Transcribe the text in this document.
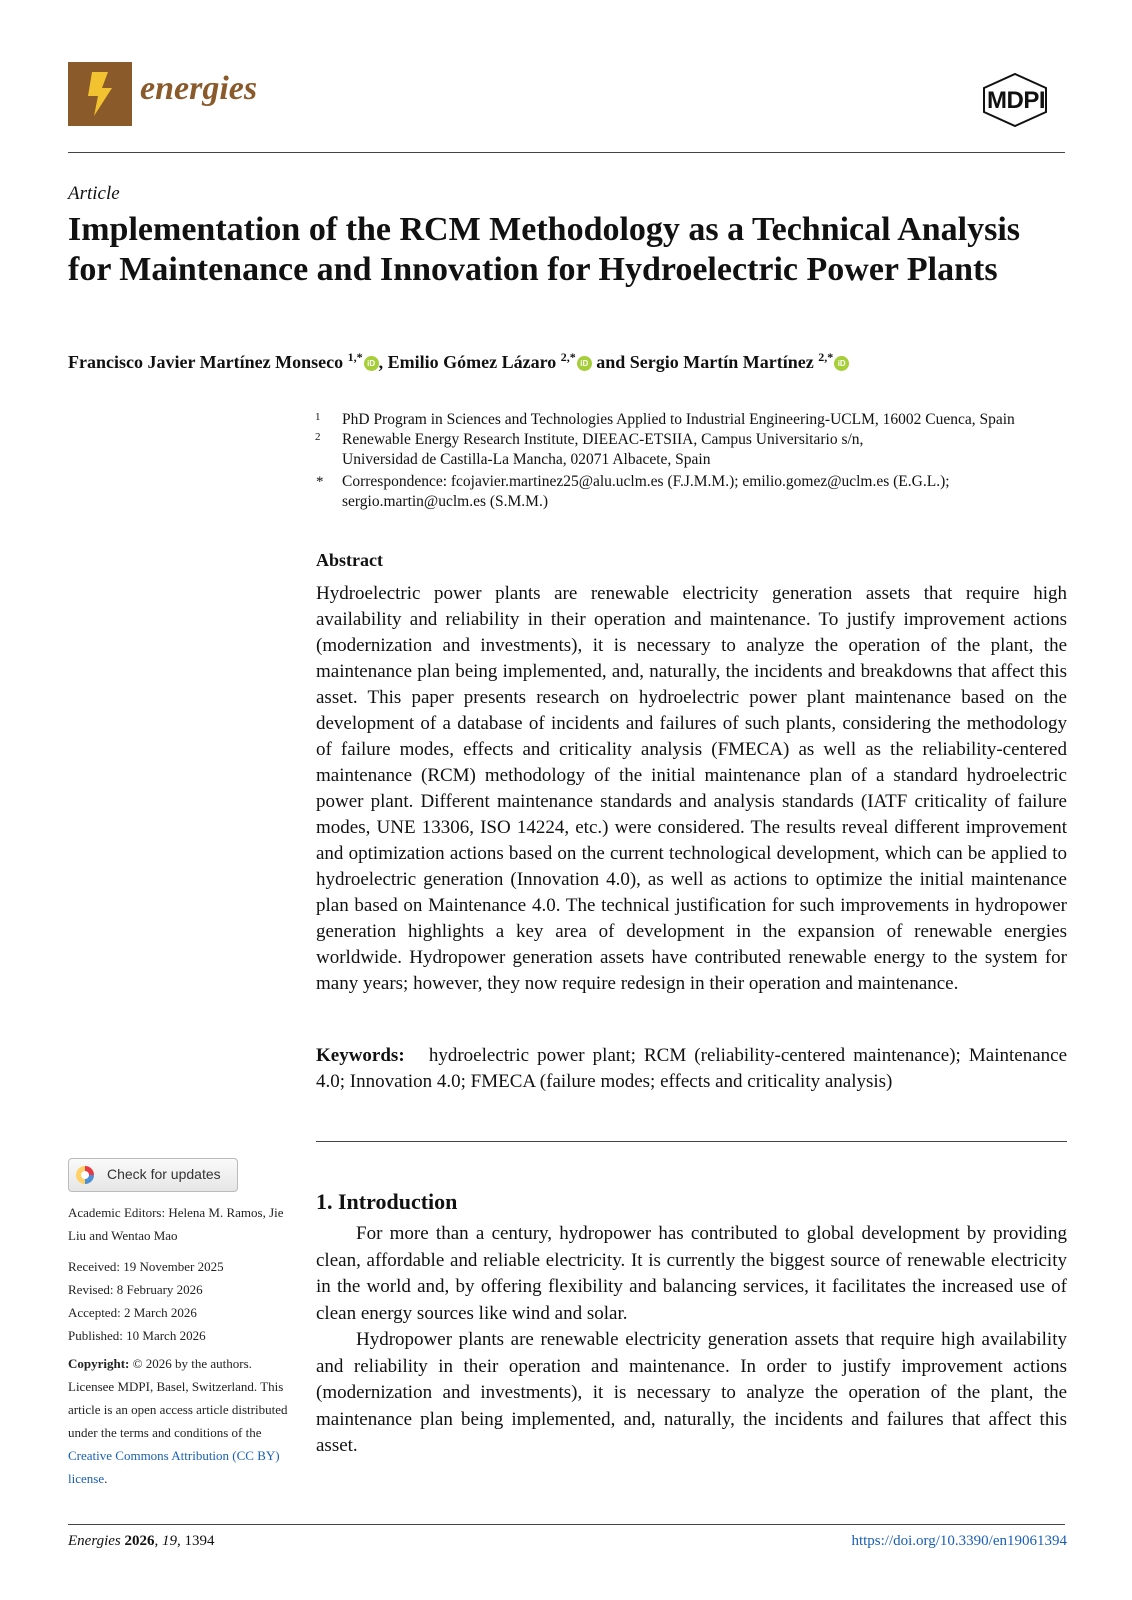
energies	MDPI
Article
Implementation of the RCM Methodology as a Technical Analysis for Maintenance and Innovation for Hydroelectric Power Plants
Francisco Javier Martínez Monseco $^{1,*}$ iD , Emilio Gómez Lázaro $^{2,*}$ iD and Sergio Martín Martínez $^{2,*}$ iD
1	PhD Program in Sciences and Technologies Applied to Industrial Engineering-UCLM, 16002 Cuenca, Spain
2	Renewable Energy Research Institute, DIEEAC-ETSIIA, Campus Universitario s/n, Universidad de Castilla-La Mancha, 02071 Albacete, Spain
* Correspondence: fcojavier.martinez25@alu.uclm.es (F.J.M.M.); emilio.gomez@uclm.es (E.G.L.); sergio.martin@uclm.es (S.M.M.)
Abstract
Hydroelectric power plants are renewable electricity generation assets that require high availability and reliability in their operation and maintenance. To justify improvement actions (modernization and investments), it is necessary to analyze the operation of the plant, the maintenance plan being implemented, and, naturally, the incidents and breakdowns that affect this asset. This paper presents research on hydroelectric power plant maintenance based on the development of a database of incidents and failures of such plants, considering the methodology of failure modes, effects and criticality analysis (FMECA) as well as the reliability-centered maintenance (RCM) methodology of the initial maintenance plan of a standard hydroelectric power plant. Different maintenance standards and analysis standards (IATF criticality of failure modes, UNE 13306, ISO 14224, etc.) were considered. The results reveal different improvement and optimization actions based on the current technological development, which can be applied to hydroelectric generation (Innovation 4.0), as well as actions to optimize the initial maintenance plan based on Maintenance 4.0. The technical justification for such improvements in hydropower generation highlights a key area of development in the expansion of renewable energies worldwide. Hydropower generation assets have contributed renewable energy to the system for many years; however, they now require redesign in their operation and maintenance.
Keywords: hydroelectric power plant; RCM (reliability-centered maintenance); Maintenance 4.0; Innovation 4.0; FMECA (failure modes; effects and criticality analysis)
Check for updates
Academic Editors: Helena M. Ramos, Jie Liu and Wentao Mao
Received: 19 November 2025
Revised: 8 February 2026
Accepted: 2 March 2026
Published: 10 March 2026
Copyright: © 2026 by the authors. Licensee MDPI, Basel, Switzerland. This article is an open access article distributed under the terms and conditions of the Creative Commons Attribution (CC BY) license.
1. Introduction
For more than a century, hydropower has contributed to global development by providing clean, affordable and reliable electricity. It is currently the biggest source of renewable electricity in the world and, by offering flexibility and balancing services, it facilitates the increased use of clean energy sources like wind and solar.
Hydropower plants are renewable electricity generation assets that require high availability and reliability in their operation and maintenance. In order to justify improvement actions (modernization and investments), it is necessary to analyze the operation of the plant, the maintenance plan being implemented, and, naturally, the incidents and failures that affect this asset.
Energies 2026, 19, 1394	https://doi.org/10.3390/en19061394
